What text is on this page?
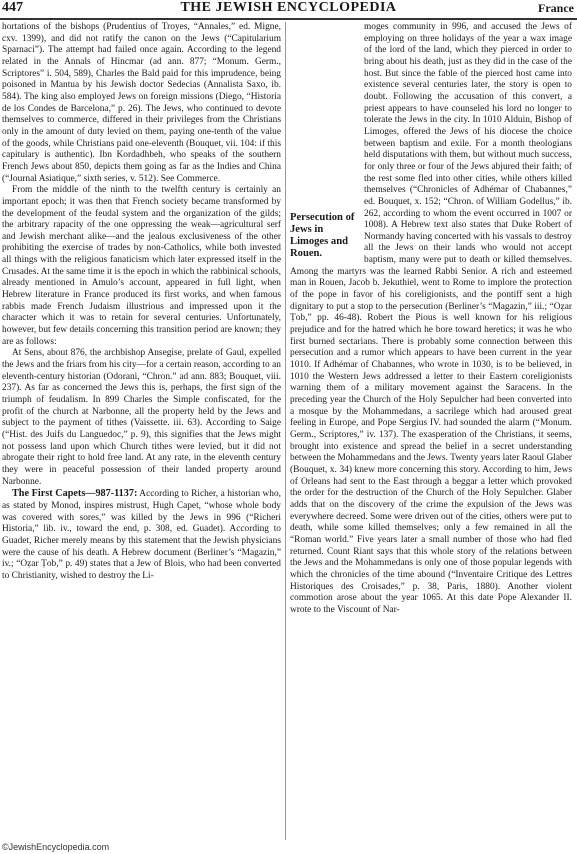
447	THE JEWISH ENCYCLOPEDIA	France

hortations of the bishops (Prudentius of Troyes, “Annales,” ed. Migne, cxv. 1399), and did not ratify the canon on the Jews (“Capitularium Sparnaci”). The attempt had failed once again. According to the legend related in the Annals of Hincmar (ad ann. 877; “Monum. Germ., Scriptores” i. 504, 589), Charles the Bald paid for this imprudence, being poisoned in Mantua by his Jewish doctor Sedecias (Annalista Saxo, ib. 584). The king also employed Jews on foreign missions (Diego, “Historia de los Condes de Barcelona,” p. 26). The Jews, who continued to devote themselves to commerce, differed in their privileges from the Christians only in the amount of duty levied on them, paying one-tenth of the value of the goods, while Christians paid one-eleventh (Bouquet, vii. 104: if this capitulary is authentic). Ibn Kordadhbeh, who speaks of the southern French Jews about 850, depicts them going as far as the Indies and China (“Journal Asiatique,” sixth series, v. 512). See Commerce.

From the middle of the ninth to the twelfth century is certainly an important epoch; it was then that French society became transformed by the development of the feudal system and the organization of the gilds; the arbitrary rapacity of the one oppressing the weak—agricultural serf and Jewish merchant alike—and the jealous exclusiveness of the other prohibiting the exercise of trades by non-Catholics, while both invested all things with the religious fanaticism which later expressed itself in the Crusades. At the same time it is the epoch in which the rabbinical schools, already mentioned in Amulo’s account, appeared in full light, when Hebrew literature in France produced its first works, and when famous rabbis made French Judaism illustrious and impressed upon it the character which it was to retain for several centuries. Unfortunately, however, but few details concerning this transition period are known; they are as follows:

At Sens, about 876, the archbishop Ansegise, prelate of Gaul, expelled the Jews and the friars from his city—for a certain reason, according to an eleventh-century historian (Odorani, “Chron.” ad ann. 883; Bouquet, viii. 237). As far as concerned the Jews this is, perhaps, the first sign of the triumph of feudalism. In 899 Charles the Simple confiscated, for the profit of the church at Narbonne, all the property held by the Jews and subject to the payment of tithes (Vaissette. iii. 63). According to Saige (“Hist. des Juifs du Languedoc,” p. 9), this signifies that the Jews might not possess land upon which Church tithes were levied, but it did not abrogate their right to hold free land. At any rate, in the eleventh century they were in peaceful possession of their landed property around Narbonne.

The First Capets—987-1137: According to Richer, a historian who, as stated by Monod, inspires mistrust, Hugh Capet, “whose whole body was covered with sores,” was killed by the Jews in 996 (“Richeri Historia,” lib. iv., toward the end, p. 308, ed. Guadet). According to Guadet, Richer merely means by this statement that the Jewish physicians were the cause of his death. A Hebrew document (Berliner’s “Magazin,” iv.; “Oẓar Ṭob,” p. 49) states that a Jew of Blois, who had been converted to Christianity, wished to destroy the Li-

Persecution of Jews in Limoges and Rouen.
moges community in 996, and accused the Jews of employing on three holidays of the year a wax image of the lord of the land, which they pierced in order to bring about his death, just as they did in the case of the host. But since the fable of the pierced host came into existence several centuries later, the story is open to doubt. Following the accusation of this convert, a priest appears to have counseled his lord no longer to tolerate the Jews in the city. In 1010 Alduin, Bishop of Limoges, offered the Jews of his diocese the choice between baptism and exile. For a month theologians held disputations with them, but without much success, for only three or four of the Jews abjured their faith; of the rest some fled into other cities, while others killed themselves (“Chronicles of Adhémar of Chabannes,” ed. Bouquet, x. 152; “Chron. of William Godellus,” ib. 262, according to whom the event occurred in 1007 or 1008). A Hebrew text also states that Duke Robert of Normandy having concerted with his vassals to destroy all the Jews on their lands who would not accept baptism, many were put to death or killed themselves. Among the martyrs was the learned Rabbi Senior. A rich and esteemed man in Rouen, Jacob b. Jekuthiel, went to Rome to implore the protection of the pope in favor of his coreligionists, and the pontiff sent a high dignitary to put a stop to the persecution (Berliner’s “Magazin,” iii.; “Oẓar Ṭob,” pp. 46-48). Robert the Pious is well known for his religious prejudice and for the hatred which he bore toward heretics; it was he who first burned sectarians. There is probably some connection between this persecution and a rumor which appears to have been current in the year 1010. If Adhémar of Chabannes, who wrote in 1030, is to be believed, in 1010 the Western Jews addressed a letter to their Eastern coreligionists warning them of a military movement against the Saracens. In the preceding year the Church of the Holy Sepulcher had been converted into a mosque by the Mohammedans, a sacrilege which had aroused great feeling in Europe, and Pope Sergius IV. had sounded the alarm (“Monum. Germ., Scriptores,” iv. 137). The exasperation of the Christians, it seems, brought into existence and spread the belief in a secret understanding between the Mohammedans and the Jews. Twenty years later Raoul Glaber (Bouquet, x. 34) knew more concerning this story. According to him, Jews of Orleans had sent to the East through a beggar a letter which provoked the order for the destruction of the Church of the Holy Sepulcher. Glaber adds that on the discovery of the crime the expulsion of the Jews was everywhere decreed. Some were driven out of the cities, others were put to death, while some killed themselves; only a few remained in all the “Roman world.” Five years later a small number of those who had fled returned. Count Riant says that this whole story of the relations between the Jews and the Mohammedans is only one of those popular legends with which the chronicles of the time abound (“Inventaire Critique des Lettres Historiques des Croisades,” p. 38, Paris, 1880). Another violent commotion arose about the year 1065. At this date Pope Alexander II. wrote to the Viscount of Nar-

©JewishEncyclopedia.com
